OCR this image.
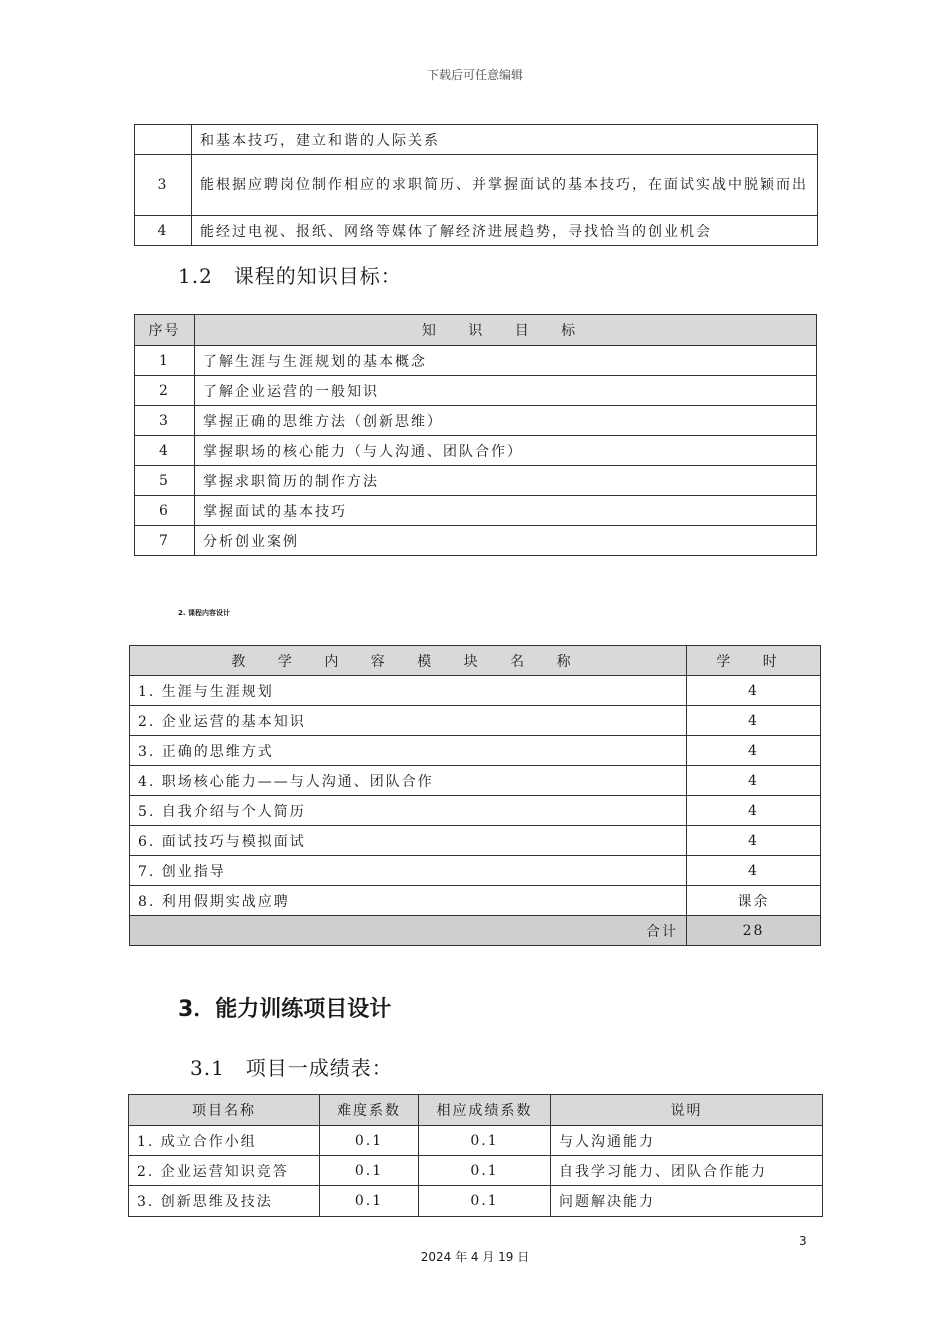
下载后可任意编辑
	和基本技巧，建立和谐的人际关系
3	能根据应聘岗位制作相应的求职简历、并掌握面试的基本技巧，在面试实战中脱颖而出
4	能经过电视、报纸、网络等媒体了解经济进展趋势，寻找恰当的创业机会
1.2　课程的知识目标：
序号	知 识 目 标
1	了解生涯与生涯规划的基本概念
2	了解企业运营的一般知识
3	掌握正确的思维方法（创新思维）
4	掌握职场的核心能力（与人沟通、团队合作）
5	掌握求职简历的制作方法
6	掌握面试的基本技巧
7	分析创业案例
2. 课程内容设计
教 学 内 容 模 块 名 称	学 时
1. 生涯与生涯规划	4
2. 企业运营的基本知识	4
3. 正确的思维方式	4
4. 职场核心能力——与人沟通、团队合作	4
5. 自我介绍与个人简历	4
6. 面试技巧与模拟面试	4
7. 创业指导	4
8. 利用假期实战应聘	课余
合计	28
3．能力训练项目设计
3.1　项目一成绩表：
项目名称	难度系数	相应成绩系数	说明
1. 成立合作小组	0.1	0.1	与人沟通能力
2. 企业运营知识竞答	0.1	0.1	自我学习能力、团队合作能力
3. 创新思维及技法	0.1	0.1	问题解决能力
3
2024 年 4 月 19 日
